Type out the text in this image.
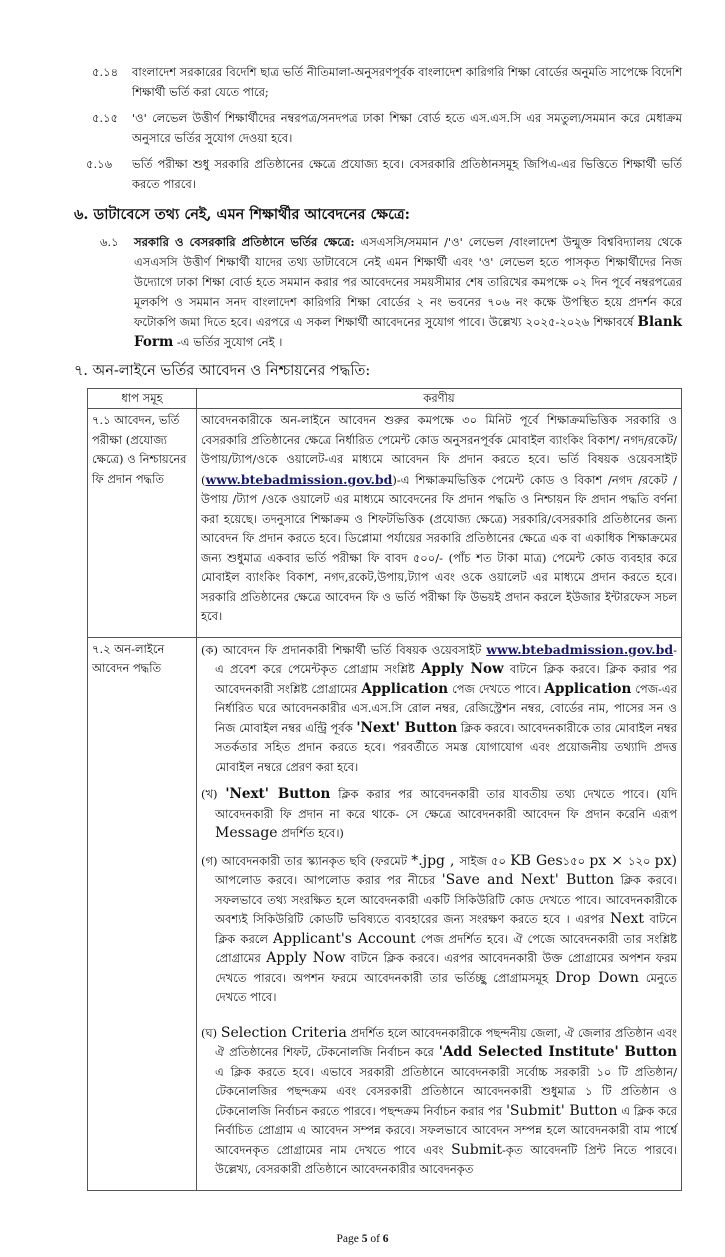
৫.১৪	বাংলাদেশ সরকারের বিদেশি ছাত্র ভর্তি নীতিমালা-অনুসরণপূর্বক বাংলাদেশ কারিগরি শিক্ষা বোর্ডের অনুমতি সাপেক্ষে বিদেশি শিক্ষার্থী ভর্তি করা যেতে পারে;
৫.১৫	'ও' লেভেল উত্তীর্ণ শিক্ষার্থীদের নম্বরপত্র/সনদপত্র ঢাকা শিক্ষা বোর্ড হতে এস.এস.সি এর সমতুল্য/সমমান করে মেধাক্রম অনুসারে ভর্তির সুযোগ দেওয়া হবে।
৫.১৬	ভর্তি পরীক্ষা শুধু সরকারি প্রতিষ্ঠানের ক্ষেত্রে প্রযোজ্য হবে। বেসরকারি প্রতিষ্ঠানসমূহ জিপিএ-এর ভিত্তিতে শিক্ষার্থী ভর্তি করতে পারবে।
৬. ডাটাবেসে তথ্য নেই, এমন শিক্ষার্থীর আবেদনের ক্ষেত্রে:
৬.১	সরকারি ও বেসরকারি প্রতিষ্ঠানে ভর্তির ক্ষেত্রে: এসএসসি/সমমান /'ও' লেভেল /বাংলাদেশ উন্মুক্ত বিশ্ববিদ্যালয় থেকে এসএসসি উত্তীর্ণ শিক্ষার্থী যাদের তথ্য ডাটাবেসে নেই এমন শিক্ষার্থী এবং 'ও' লেভেল হতে পাসকৃত শিক্ষার্থীদের নিজ উদ্যোগে ঢাকা শিক্ষা বোর্ড হতে সমমান করার পর আবেদনের সময়সীমার শেষ তারিখের কমপক্ষে ০২ দিন পূর্বে নম্বরপত্রের মূলকপি ও সমমান সনদ বাংলাদেশ কারিগরি শিক্ষা বোর্ডের ২ নং ভবনের ৭০৬ নং কক্ষে উপস্থিত হয়ে প্রদর্শন করে ফটোকপি জমা দিতে হবে। এরপরে এ সকল শিক্ষার্থী আবেদনের সুযোগ পাবে। উল্লেখ্য ২০২৫-২০২৬ শিক্ষাবর্ষে Blank Form -এ ভর্তির সুযোগ নেই ।
৭. অন-লাইনে ভর্তির আবেদন ও নিশ্চায়নের পদ্ধতি:
ধাপ সমূহ	করণীয়
৭.১ আবেদন, ভর্তি পরীক্ষা (প্রযোজ্য ক্ষেত্রে) ও নিশ্চায়নের ফি প্রদান পদ্ধতি	আবেদনকারীকে অন-লাইনে আবেদন শুরুর কমপক্ষে ৩০ মিনিট পূর্বে শিক্ষাক্রমভিত্তিক সরকারি ও বেসরকারি প্রতিষ্ঠানের ক্ষেত্রে নির্ধারিত পেমেন্ট কোড অনুসরনপূর্বক মোবাইল ব্যাংকিং বিকাশ/ নগদ/রকেট/উপায়/ট্যাপ/ওকে ওয়ালেট-এর মাধ্যমে আবেদন ফি প্রদান করতে হবে। ভর্তি বিষয়ক ওয়েবসাইট (www.btebadmission.gov.bd)-এ শিক্ষাক্রমভিত্তিক পেমেন্ট কোড ও বিকাশ /নগদ /রকেট /উপায় /ট্যাপ /ওকে ওয়ালেট এর মাধ্যমে আবেদনের ফি প্রদান পদ্ধতি ও নিশ্চায়ন ফি প্রদান পদ্ধতি বর্ণনা করা হয়েছে। তদনুসারে শিক্ষাক্রম ও শিফটভিত্তিক (প্রযোজ্য ক্ষেত্রে) সরকারি/বেসরকারি প্রতিষ্ঠানের জন্য আবেদন ফি প্রদান করতে হবে। ডিপ্লোমা পর্যায়ের সরকারি প্রতিষ্ঠানের ক্ষেত্রে এক বা একাধিক শিক্ষাক্রমের জন্য শুধুমাত্র একবার ভর্তি পরীক্ষা ফি বাবদ ৫০০/- (পাঁচ শত টাকা মাত্র) পেমেন্ট কোড ব্যবহার করে মোবাইল ব্যাংকিং বিকাশ, নগদ,রকেট,উপায়,ট্যাপ এবং ওকে ওয়ালেট এর মাধ্যমে প্রদান করতে হবে। সরকারি প্রতিষ্ঠানের ক্ষেত্রে আবেদন ফি ও ভর্তি পরীক্ষা ফি উভয়ই প্রদান করলে ইউজার ইন্টারফেস সচল হবে।

৭.২ অন-লাইনে আবেদন পদ্ধতি	(ক) আবেদন ফি প্রদানকারী শিক্ষার্থী ভর্তি বিষয়ক ওয়েবসাইট www.btebadmission.gov.bd- এ প্রবেশ করে পেমেন্টকৃত প্রোগ্রাম সংশ্লিষ্ট Apply Now বাটনে ক্লিক করবে। ক্লিক করার পর আবেদনকারী সংশ্লিষ্ট প্রোগ্রামের Application পেজ দেখতে পাবে। Application পেজ-এর নির্ধারিত ঘরে আবেদনকারীর এস.এস.সি রোল নম্বর, রেজিস্ট্রেশন নম্বর, বোর্ডের নাম, পাসের সন ও নিজ মোবাইল নম্বর এন্ট্রি পূর্বক 'Next' Button ক্লিক করবে। আবেদনকারীকে তার মোবাইল নম্বর সতর্কতার সহিত প্রদান করতে হবে। পরবর্তীতে সমস্ত যোগাযোগ এবং প্রয়োজনীয় তথ্যাদি প্রদত্ত মোবাইল নম্বরে প্রেরণ করা হবে।
(খ) 'Next' Button ক্লিক করার পর আবেদনকারী তার যাবতীয় তথ্য দেখতে পাবে। (যদি আবেদনকারী ফি প্রদান না করে থাকে- সে ক্ষেত্রে আবেদনকারী আবেদন ফি প্রদান করেনি এরূপ Message প্রদর্শিত হবে।)
(গ) আবেদনকারী তার স্ক্যানকৃত ছবি (ফরমেট *.jpg , সাইজ ৫০ KB Ges১৫০ px × ১২০ px) আপলোড করবে। আপলোড করার পর নীচের 'Save and Next' Button ক্লিক করবে। সফলভাবে তথ্য সংরক্ষিত হলে আবেদনকারী একটি সিকিউরিটি কোড দেখতে পাবে। আবেদনকারীকে অবশ্যই সিকিউরিটি কোডটি ভবিষ্যতে ব্যবহারের জন্য সংরক্ষণ করতে হবে । এরপর Next বাটনে ক্লিক করলে Applicant's Account পেজ প্রদর্শিত হবে। ঐ পেজে আবেদনকারী তার সংশ্লিষ্ট প্রোগ্রামের Apply Now বাটনে ক্লিক করবে। এরপর আবেদনকারী উক্ত প্রোগ্রামের অপশন ফরম দেখতে পারবে। অপশন ফরমে আবেদনকারী তার ভর্তিচ্ছু প্রোগ্রামসমূহ Drop Down মেনুতে দেখতে পাবে।
(ঘ) Selection Criteria প্রদর্শিত হলে আবেদনকারীকে পছন্দনীয় জেলা, ঐ জেলার প্রতিষ্ঠান এবং ঐ প্রতিষ্ঠানের শিফট, টেকনোলজি নির্বাচন করে 'Add Selected Institute' Button এ ক্লিক করতে হবে। এভাবে সরকারী প্রতিষ্ঠানে আবেদনকারী সর্বোচ্চ সরকারী ১০ টি প্রতিষ্ঠান/টেকনোলজির পছন্দক্রম এবং বেসরকারী প্রতিষ্ঠানে আবেদনকারী শুধুমাত্র ১ টি প্রতিষ্ঠান ও টেকনোলজি নির্বাচন করতে পারবে। পছন্দক্রম নির্বাচন করার পর 'Submit' Button এ ক্লিক করে নির্বাচিত প্রোগ্রাম এ আবেদন সম্পন্ন করবে। সফলভাবে আবেদন সম্পন্ন হলে আবেদনকারী বাম পার্শ্বে আবেদনকৃত প্রোগ্রামের নাম দেখতে পাবে এবং Submit-কৃত আবেদনটি প্রিন্ট নিতে পারবে। উল্লেখ্য, বেসরকারী প্রতিষ্ঠানে আবেদনকারীর আবেদনকৃত
Page 5 of 6
